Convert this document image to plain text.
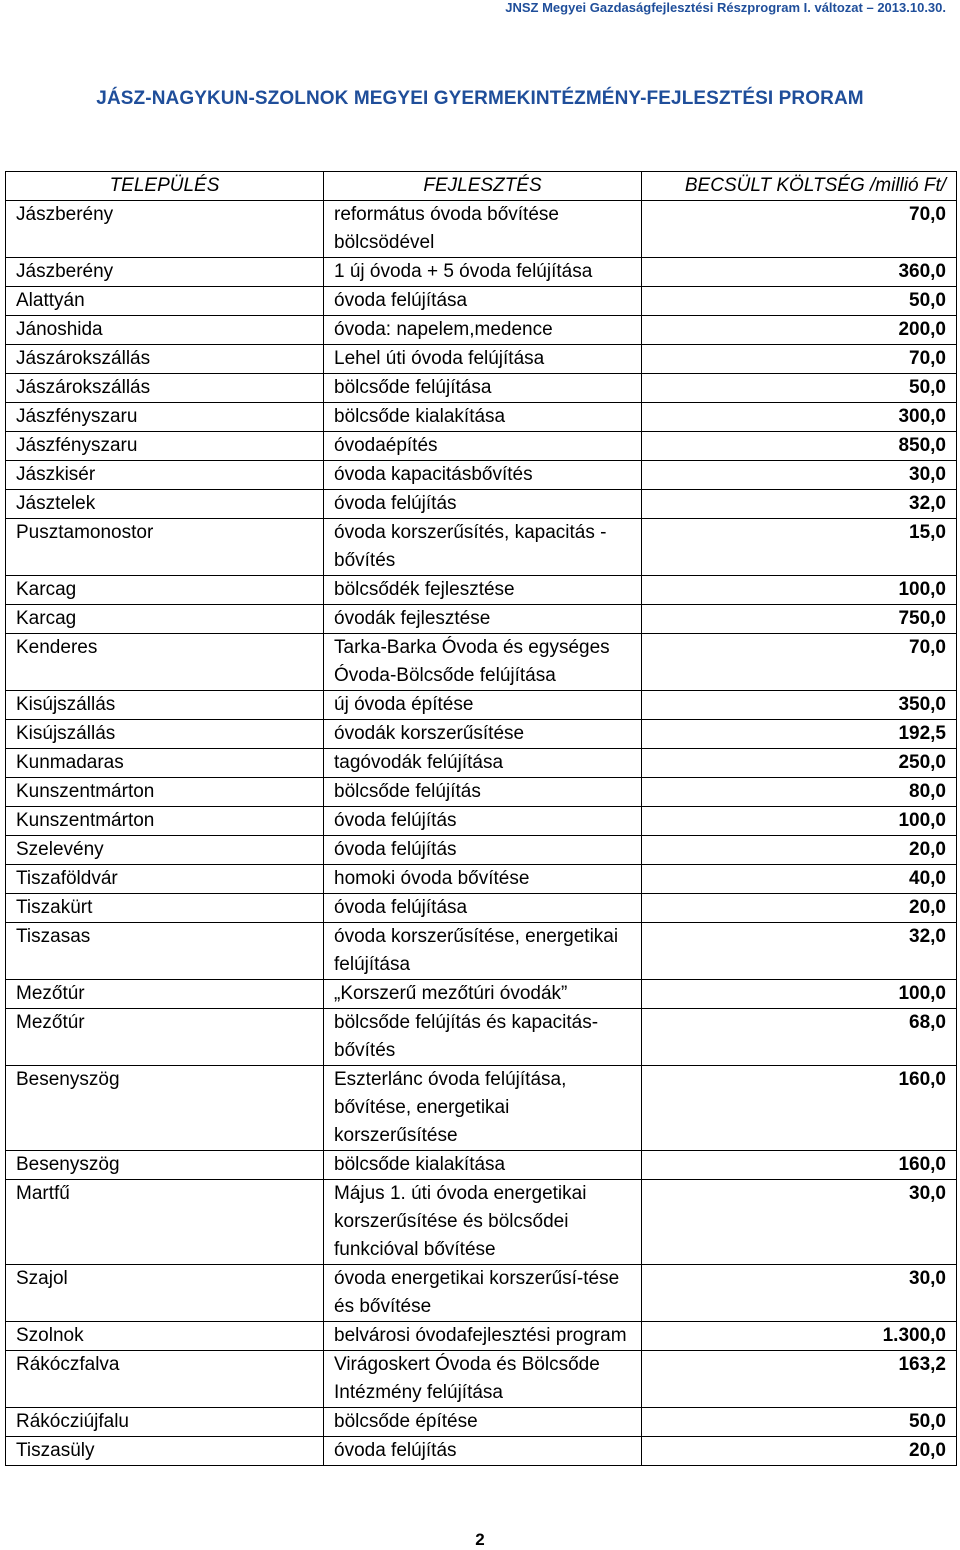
JNSZ Megyei Gazdaságfejlesztési Részprogram I. változat – 2013.10.30.
JÁSZ-NAGYKUN-SZOLNOK MEGYEI GYERMEKINTÉZMÉNY-FEJLESZTÉSI PRORAM
TELEPÜLÉS	FEJLESZTÉS	BECSÜLT KÖLTSÉG /millió Ft/
Jászberény	református óvoda bővítése bölcsödével	70,0
Jászberény	1 új óvoda + 5 óvoda felújítása	360,0
Alattyán	óvoda felújítása	50,0
Jánoshida	óvoda: napelem,medence	200,0
Jászárokszállás	Lehel úti óvoda felújítása	70,0
Jászárokszállás	bölcsőde felújítása	50,0
Jászfényszaru	bölcsőde kialakítása	300,0
Jászfényszaru	óvodaépítés	850,0
Jászkisér	óvoda kapacitásbővítés	30,0
Jásztelek	óvoda felújítás	32,0
Pusztamonostor	óvoda korszerűsítés, kapacitás - bővítés	15,0
Karcag	bölcsődék fejlesztése	100,0
Karcag	óvodák fejlesztése	750,0
Kenderes	Tarka-Barka Óvoda és egységes Óvoda-Bölcsőde felújítása	70,0
Kisújszállás	új óvoda építése	350,0
Kisújszállás	óvodák korszerűsítése	192,5
Kunmadaras	tagóvodák felújítása	250,0
Kunszentmárton	bölcsőde felújítás	80,0
Kunszentmárton	óvoda felújítás	100,0
Szelevény	óvoda felújítás	20,0
Tiszaföldvár	homoki óvoda bővítése	40,0
Tiszakürt	óvoda felújítása	20,0
Tiszasas	óvoda korszerűsítése, energetikai felújítása	32,0
Mezőtúr	„Korszerű mezőtúri óvodák”	100,0
Mezőtúr	bölcsőde felújítás és kapacitás-bővítés	68,0
Besenyszög	Eszterlánc óvoda felújítása, bővítése, energetikai korszerűsítése	160,0
Besenyszög	bölcsőde kialakítása	160,0
Martfű	Május 1. úti óvoda energetikai korszerűsítése és bölcsődei funkcióval bővítése	30,0
Szajol	óvoda energetikai korszerűsí-tése és bővítése	30,0
Szolnok	belvárosi óvodafejlesztési program	1.300,0
Rákóczfalva	Virágoskert Óvoda és Bölcsőde Intézmény felújítása	163,2
Rákócziújfalu	bölcsőde építése	50,0
Tiszasüly	óvoda felújítás	20,0
2
